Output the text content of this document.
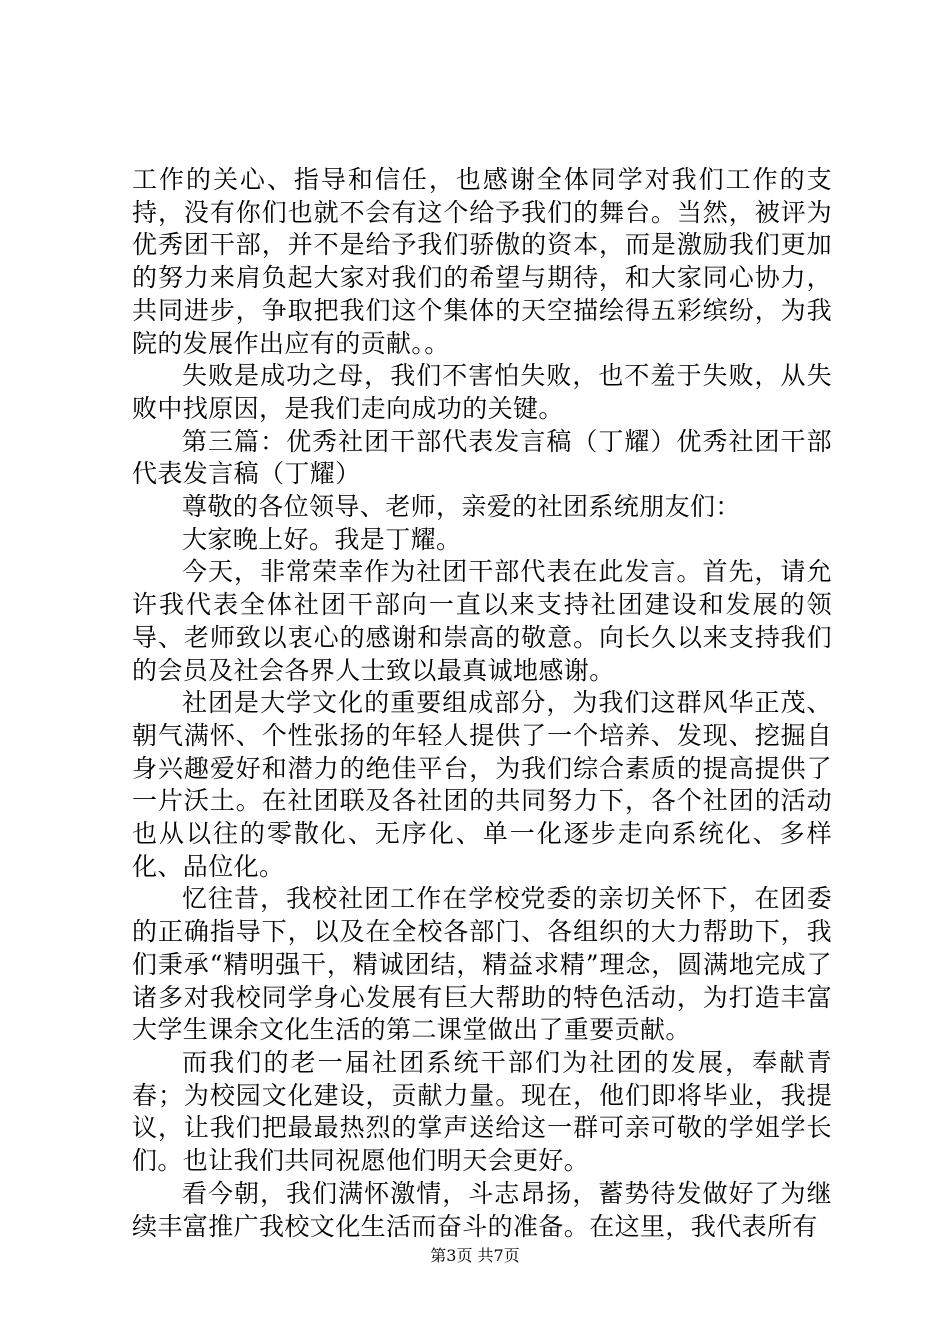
工作的关心、指导和信任，也感谢全体同学对我们工作的支持，没有你们也就不会有这个给予我们的舞台。当然，被评为优秀团干部，并不是给予我们骄傲的资本，而是激励我们更加的努力来肩负起大家对我们的希望与期待，和大家同心协力，共同进步，争取把我们这个集体的天空描绘得五彩缤纷，为我院的发展作出应有的贡献。。

失败是成功之母，我们不害怕失败，也不羞于失败，从失败中找原因，是我们走向成功的关键。

第三篇：优秀社团干部代表发言稿（丁耀）优秀社团干部代表发言稿（丁耀）

尊敬的各位领导、老师，亲爱的社团系统朋友们：

大家晚上好。我是丁耀。

今天，非常荣幸作为社团干部代表在此发言。首先，请允许我代表全体社团干部向一直以来支持社团建设和发展的领导、老师致以衷心的感谢和崇高的敬意。向长久以来支持我们的会员及社会各界人士致以最真诚地感谢。

社团是大学文化的重要组成部分，为我们这群风华正茂、朝气满怀、个性张扬的年轻人提供了一个培养、发现、挖掘自身兴趣爱好和潜力的绝佳平台，为我们综合素质的提高提供了一片沃土。在社团联及各社团的共同努力下，各个社团的活动也从以往的零散化、无序化、单一化逐步走向系统化、多样化、品位化。

忆往昔，我校社团工作在学校党委的亲切关怀下，在团委的正确指导下，以及在全校各部门、各组织的大力帮助下，我们秉承“精明强干，精诚团结，精益求精”理念，圆满地完成了诸多对我校同学身心发展有巨大帮助的特色活动，为打造丰富大学生课余文化生活的第二课堂做出了重要贡献。

而我们的老一届社团系统干部们为社团的发展，奉献青春；为校园文化建设，贡献力量。现在，他们即将毕业，我提议，让我们把最最热烈的掌声送给这一群可亲可敬的学姐学长们。也让我们共同祝愿他们明天会更好。

看今朝，我们满怀激情，斗志昂扬，蓄势待发做好了为继续丰富推广我校文化生活而奋斗的准备。在这里，我代表所有

第3页 共7页
